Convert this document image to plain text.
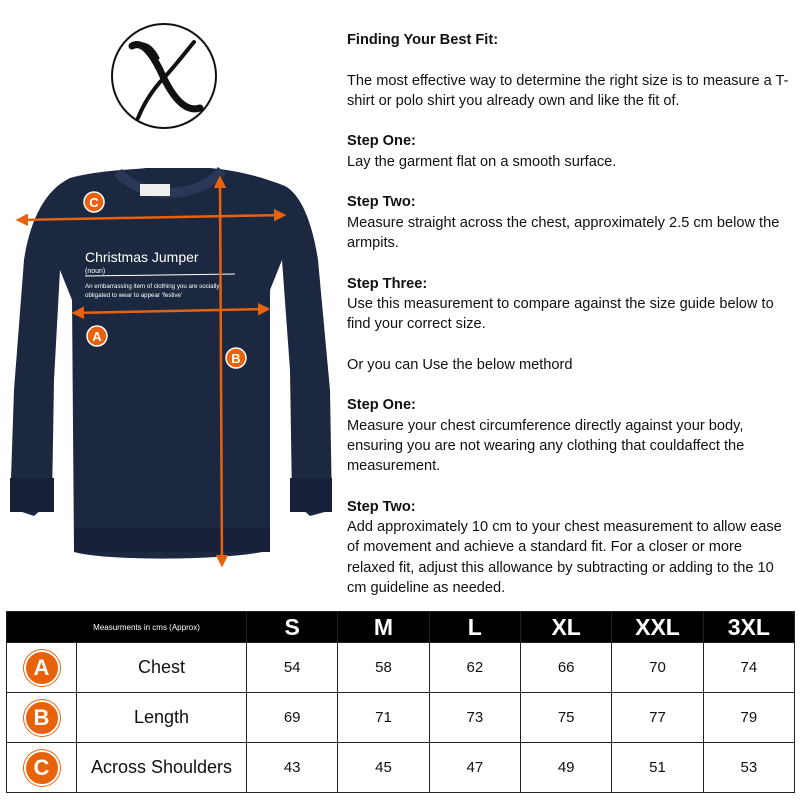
Christmas Jumper
(noun)
An embarrassing item of clothing you are socially
obligated to wear to appear ‘festive’
C
A
B
Finding Your Best Fit:
The most effective way to determine the right size is to measure a T-shirt or polo shirt you already own and like the fit of.
Step One:
Lay the garment flat on a smooth surface.
Step Two:
Measure straight across the chest, approximately 2.5 cm below the armpits.
Step Three:
Use this measurement to compare against the size guide below to find your correct size.
Or you can Use the below methord
Step One:
Measure your chest circumference directly against your body, ensuring you are not wearing any clothing that couldaffect the measurement.
Step Two:
Add approximately 10 cm to your chest measurement to allow ease of movement and achieve a standard fit. For a closer or more relaxed fit, adjust this allowance by subtracting or adding to the 10 cm guideline as needed.
Measurments in cms (Approx)		S	M	L	XL	XXL	3XL
A	Chest	54	58	62	66	70	74
B	Length	69	71	73	75	77	79
C	Across Shoulders	43	45	47	49	51	53
